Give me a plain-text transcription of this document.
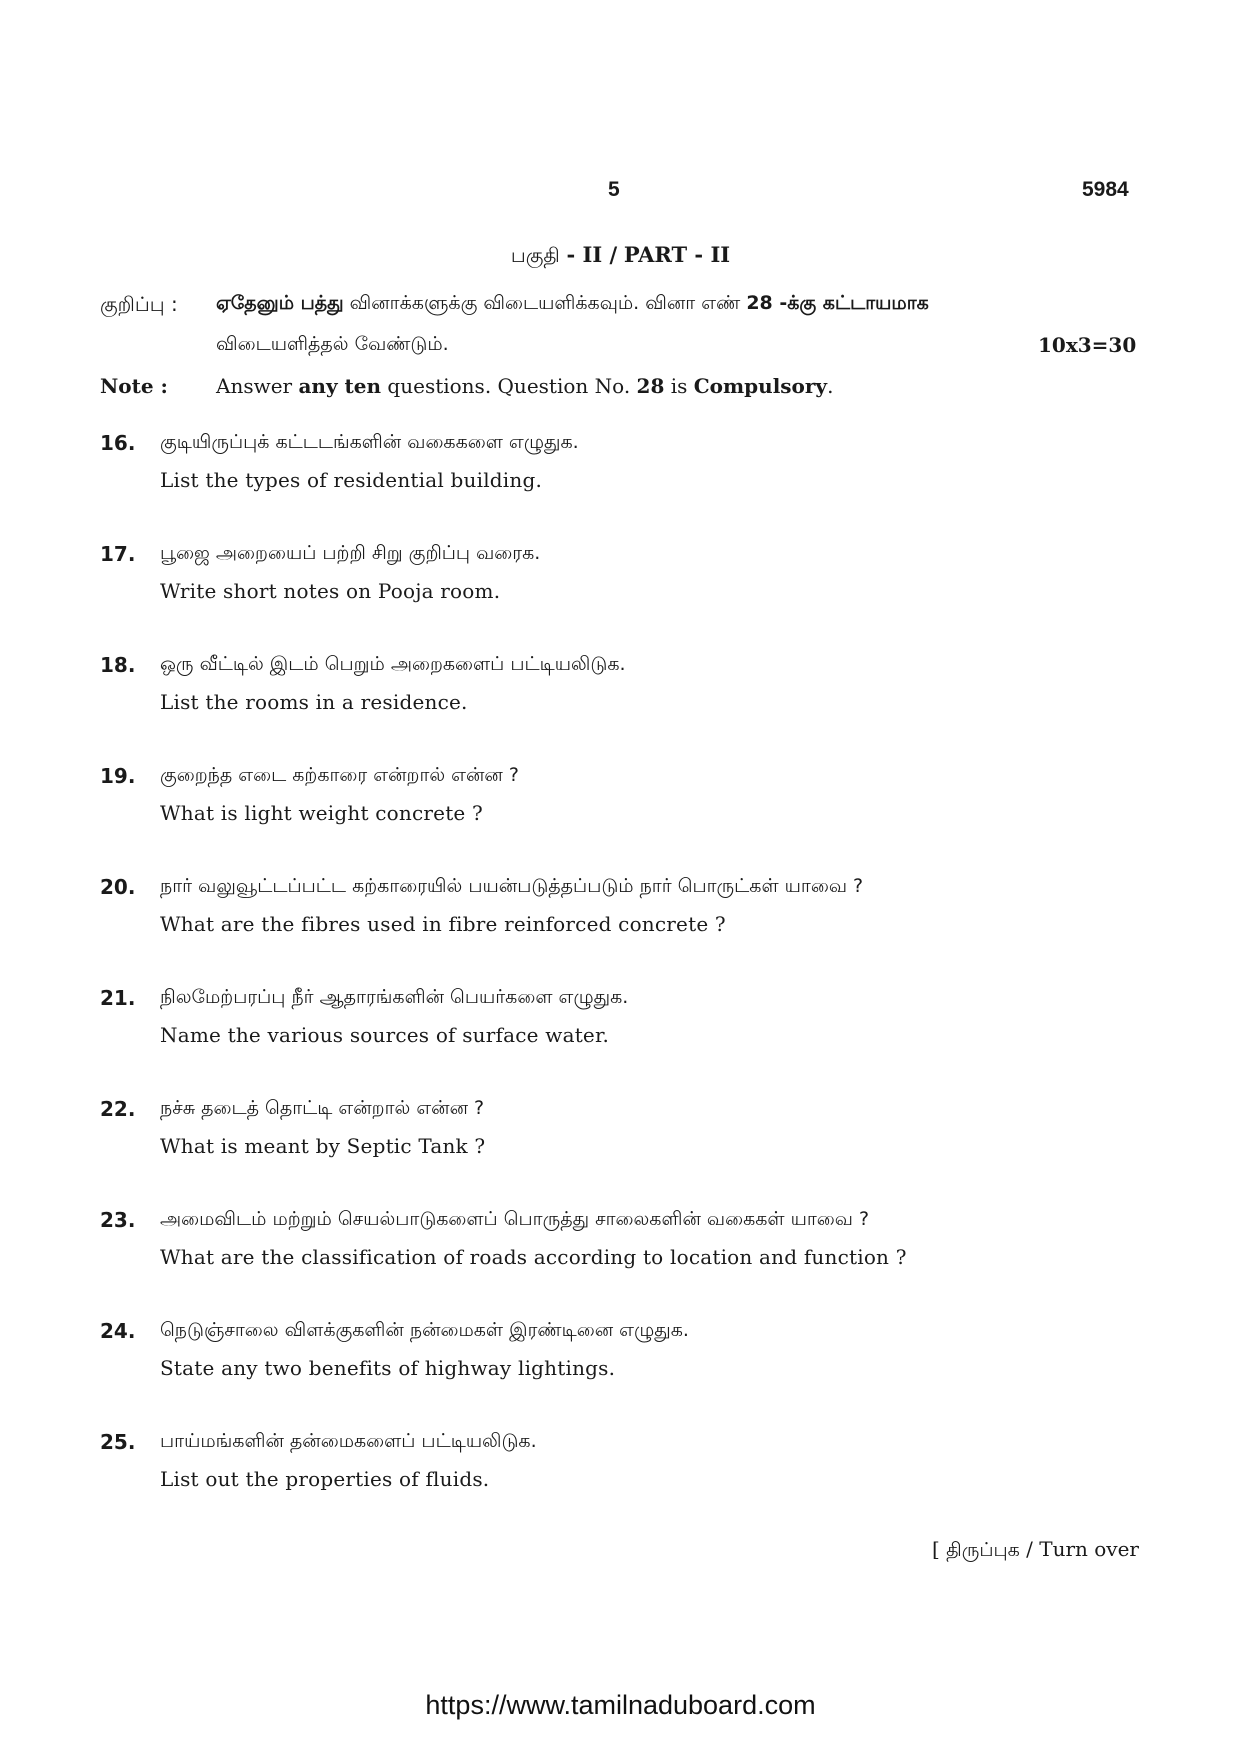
5	5984
பகுதி - II / PART - II
குறிப்பு : ஏதேனும் பத்து வினாக்களுக்கு விடையளிக்கவும். வினா எண் 28 -க்கு கட்டாயமாக
விடையளித்தல் வேண்டும்.	10x3=30
Note : Answer any ten questions. Question No. 28 is Compulsory.
16. குடியிருப்புக் கட்டடங்களின் வகைகளை எழுதுக.
List the types of residential building.
17. பூஜை அறையைப் பற்றி சிறு குறிப்பு வரைக.
Write short notes on Pooja room.
18. ஒரு வீட்டில் இடம் பெறும் அறைகளைப் பட்டியலிடுக.
List the rooms in a residence.
19. குறைந்த எடை கற்காரை என்றால் என்ன ?
What is light weight concrete ?
20. நார் வலுவூட்டப்பட்ட கற்காரையில் பயன்படுத்தப்படும் நார் பொருட்கள் யாவை ?
What are the fibres used in fibre reinforced concrete ?
21. நிலமேற்பரப்பு நீர் ஆதாரங்களின் பெயர்களை எழுதுக.
Name the various sources of surface water.
22. நச்சு தடைத் தொட்டி என்றால் என்ன ?
What is meant by Septic Tank ?
23. அமைவிடம் மற்றும் செயல்பாடுகளைப் பொருத்து சாலைகளின் வகைகள் யாவை ?
What are the classification of roads according to location and function ?
24. நெடுஞ்சாலை விளக்குகளின் நன்மைகள் இரண்டினை எழுதுக.
State any two benefits of highway lightings.
25. பாய்மங்களின் தன்மைகளைப் பட்டியலிடுக.
List out the properties of fluids.
[ திருப்புக / Turn over
https://www.tamilnaduboard.com
